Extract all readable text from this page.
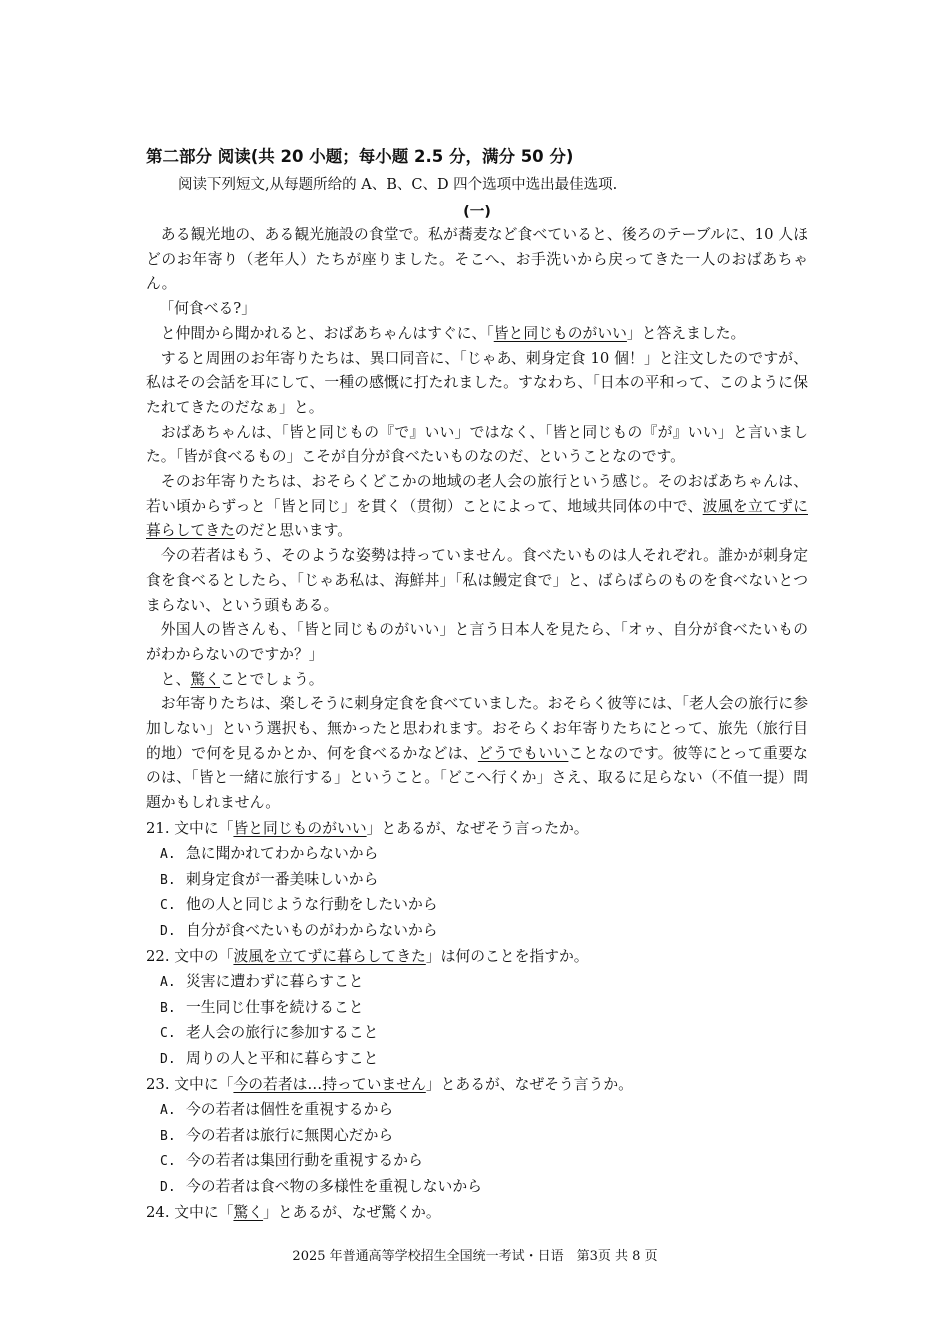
第二部分 阅读(共 20 小题；每小题 2.5 分，满分 50 分)
阅读下列短文,从每题所给的 A、B、C、D 四个选项中选出最佳选项.
(一)

ある観光地の、ある観光施設の食堂で。私が蕎麦など食べていると、後ろのテーブルに、10 人ほどのお年寄り（老年人）たちが座りました。そこへ、お手洗いから戻ってきた一人のおばあちゃん。

「何食べる?」

と仲間から聞かれると、おばあちゃんはすぐに、「皆と同じものがいい」と答えました。

すると周囲のお年寄りたちは、異口同音に、「じゃあ、刺身定食 10 個！」と注文したのですが、私はその会話を耳にして、一種の感慨に打たれました。すなわち、「日本の平和って、このように保たれてきたのだなぁ」と。

おばあちゃんは、「皆と同じもの『で』いい」ではなく、「皆と同じもの『が』いい」と言いました。「皆が食べるもの」こそが自分が食べたいものなのだ、ということなのです。

そのお年寄りたちは、おそらくどこかの地域の老人会の旅行という感じ。そのおばあちゃんは、若い頃からずっと「皆と同じ」を貫く（贯彻）ことによって、地域共同体の中で、波風を立てずに暮らしてきたのだと思います。

今の若者はもう、そのような姿勢は持っていません。食べたいものは人それぞれ。誰かが刺身定食を食べるとしたら、「じゃあ私は、海鮮丼」「私は鰻定食で」と、ばらばらのものを食べないとつまらない、という頭もある。

外国人の皆さんも、「皆と同じものがいい」と言う日本人を見たら、「オゥ、自分が食べたいものがわからないのですか？」

と、驚くことでしょう。

お年寄りたちは、楽しそうに刺身定食を食べていました。おそらく彼等には、「老人会の旅行に参加しない」という選択も、無かったと思われます。おそらくお年寄りたちにとって、旅先（旅行目的地）で何を見るかとか、何を食べるかなどは、どうでもいいことなのです。彼等にとって重要なのは、「皆と一緒に旅行する」ということ。「どこへ行くか」さえ、取るに足らない（不值一提）問題かもしれません。

21. 文中に「皆と同じものがいい」とあるが、なぜそう言ったか。
A. 急に聞かれてわからないから
B. 刺身定食が一番美味しいから
C. 他の人と同じような行動をしたいから
D. 自分が食べたいものがわからないから
22. 文中の「波風を立てずに暮らしてきた」は何のことを指すか。
A. 災害に遭わずに暮らすこと
B. 一生同じ仕事を続けること
C. 老人会の旅行に参加すること
D. 周りの人と平和に暮らすこと
23. 文中に「今の若者は…持っていません」とあるが、なぜそう言うか。
A. 今の若者は個性を重視するから
B. 今の若者は旅行に無関心だから
C. 今の若者は集団行動を重視するから
D. 今の若者は食べ物の多様性を重視しないから
24. 文中に「驚く」とあるが、なぜ驚くか。
2025 年普通高等学校招生全国统一考试・日语　第3页 共 8 页
